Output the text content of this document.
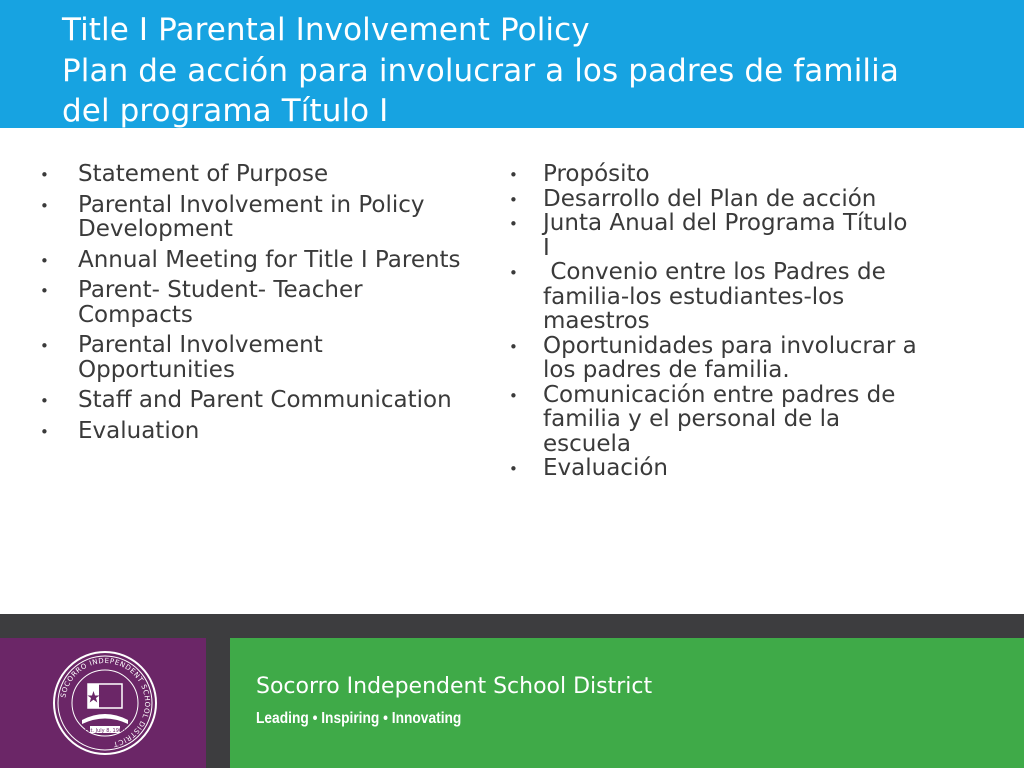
Title I Parental Involvement Policy
Plan de acción para involucrar a los padres de familia
del programa Título I
• Statement of Purpose
• Parental Involvement in Policy Development
• Annual Meeting for Title I Parents
• Parent- Student- Teacher Compacts
• Parental Involvement Opportunities
• Staff and Parent Communication
• Evaluation
• Propósito
• Desarrollo del Plan de acción
• Junta Anual del Programa Título I
• Convenio entre los Padres de familia-los estudiantes-los maestros
• Oportunidades para involucrar a los padres de familia.
• Comunicación entre padres de familia y el personal de la escuela
• Evaluación
SOCORRO INDEPENDENT SCHOOL DISTRICT
Est. July 8, 1960
Socorro Independent School District
Leading • Inspiring • Innovating
